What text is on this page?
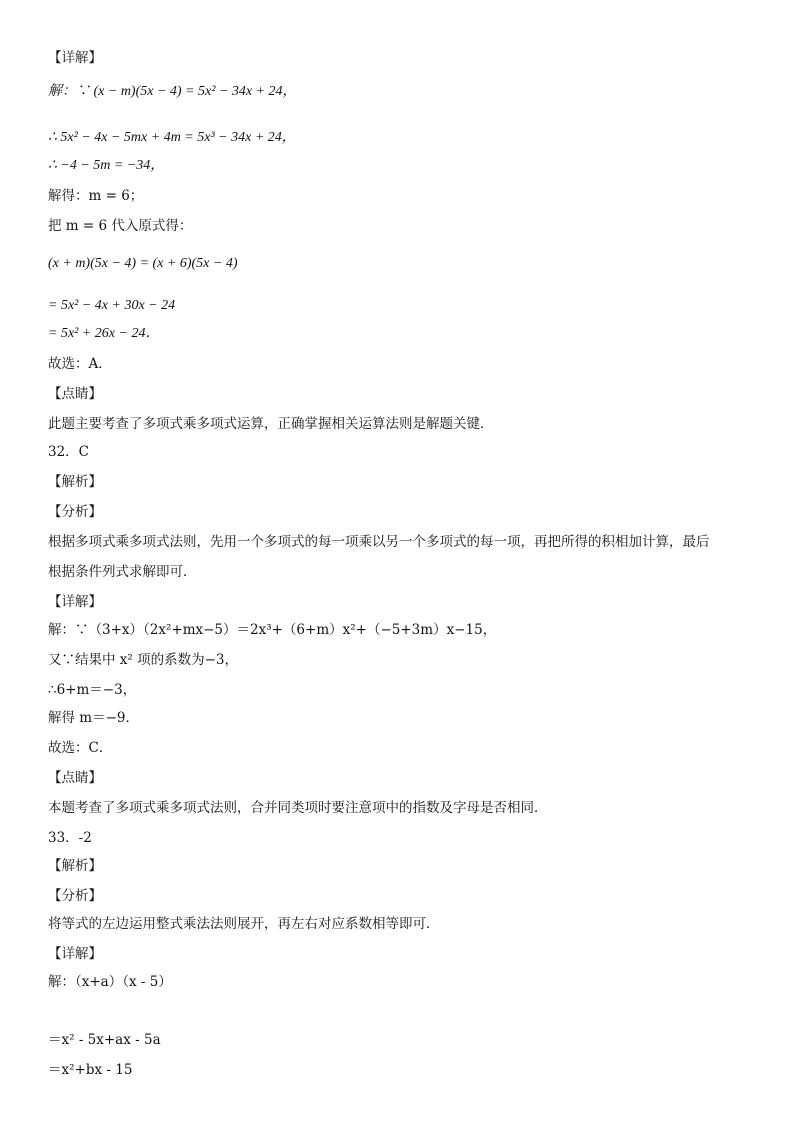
【详解】
解：∵ (x − m)(5x − 4) = 5x² − 34x + 24，
∴ 5x² − 4x − 5mx + 4m = 5x³ − 34x + 24，
∴ −4 − 5m = −34，
解得：m = 6；
把 m = 6 代入原式得：
(x + m)(5x − 4) = (x + 6)(5x − 4)
= 5x² − 4x + 30x − 24
= 5x² + 26x − 24．
故选：A．
【点睛】
此题主要考查了多项式乘多项式运算，正确掌握相关运算法则是解题关键．
32．C
【解析】
【分析】
根据多项式乘多项式法则，先用一个多项式的每一项乘以另一个多项式的每一项，再把所得的积相加计算，最后
根据条件列式求解即可．
【详解】
解：∵（3+x）（2x²+mx−5）＝2x³+（6+m）x²+（−5+3m）x−15，
又∵结果中 x² 项的系数为−3，
∴6+m＝−3，
解得 m＝−9．
故选：C．
【点睛】
本题考查了多项式乘多项式法则，合并同类项时要注意项中的指数及字母是否相同．
33．-2
【解析】
【分析】
将等式的左边运用整式乘法法则展开，再左右对应系数相等即可．
【详解】
解：（x+a）（x - 5）
＝x² - 5x+ax - 5a
＝x²+bx - 15
